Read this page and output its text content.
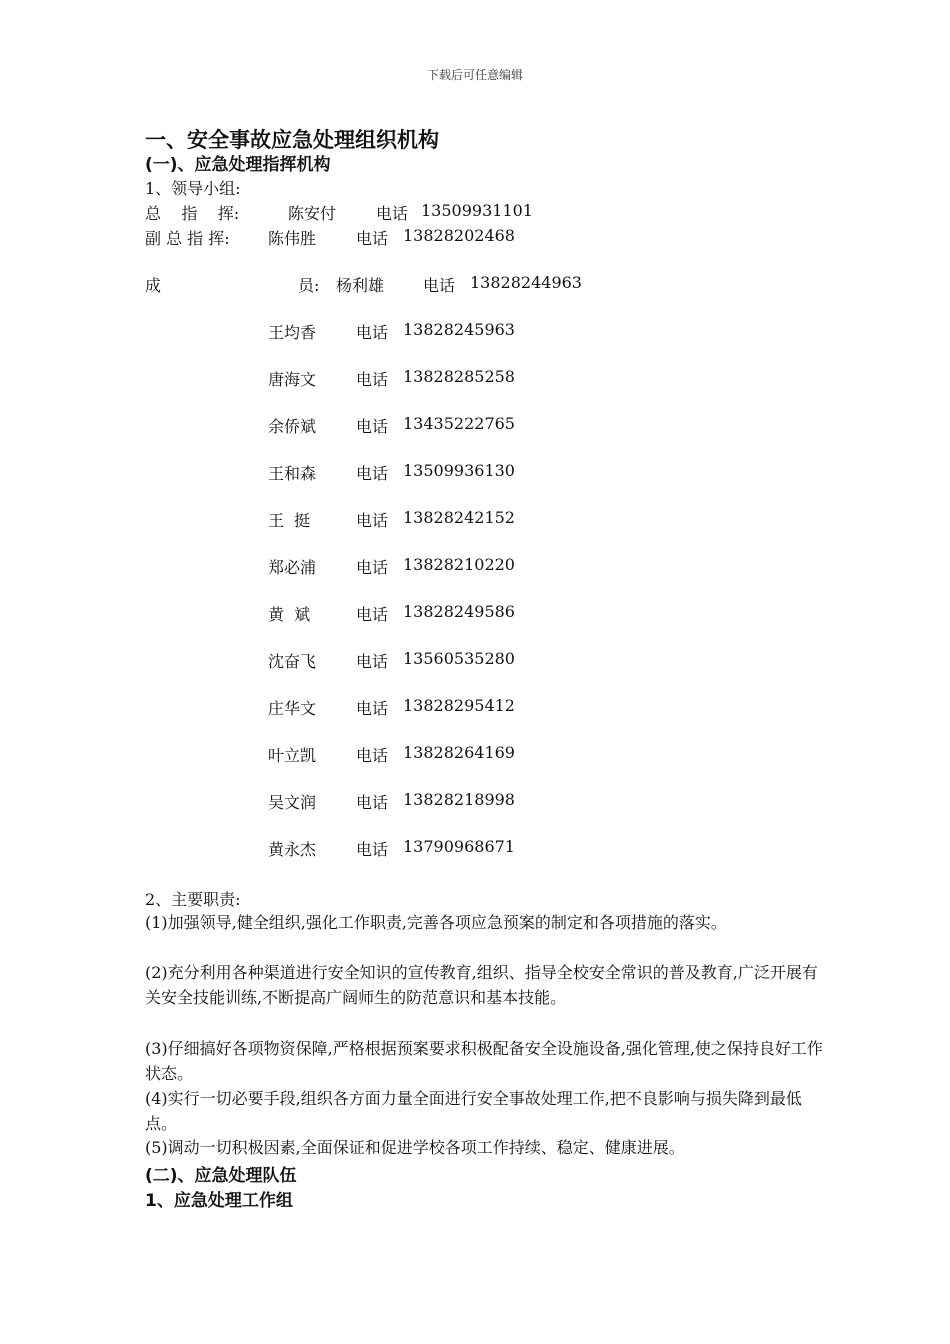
下载后可任意编辑
一、安全事故应急处理组织机构
(一)、应急处理指挥机构
1、领导小组:
总    指    挥:	陈安付 电话 13509931101
副 总 指 挥: 陈伟胜 电话 13828202468
成	员: 杨利雄 电话 13828244963
王均香 电话 13828245963
唐海文 电话 13828285258
余侨斌 电话 13435222765
王和森 电话 13509936130
王  挺	电话 13828242152
郑必浦 电话 13828210220
黄  斌	电话 13828249586
沈奋飞 电话 13560535280
庄华文 电话 13828295412
叶立凯 电话 13828264169
吴文润 电话 13828218998
黄永杰 电话 13790968671
2、主要职责:
(1)加强领导,健全组织,强化工作职责,完善各项应急预案的制定和各项措施的落实。
(2)充分利用各种渠道进行安全知识的宣传教育,组织、指导全校安全常识的普及教育,广泛开展有关安全技能训练,不断提高广阔师生的防范意识和基本技能。
(3)仔细搞好各项物资保障,严格根据预案要求积极配备安全设施设备,强化管理,使之保持良好工作状态。
(4)实行一切必要手段,组织各方面力量全面进行安全事故处理工作,把不良影响与损失降到最低点。
(5)调动一切积极因素,全面保证和促进学校各项工作持续、稳定、健康进展。
(二)、应急处理队伍
1、应急处理工作组
